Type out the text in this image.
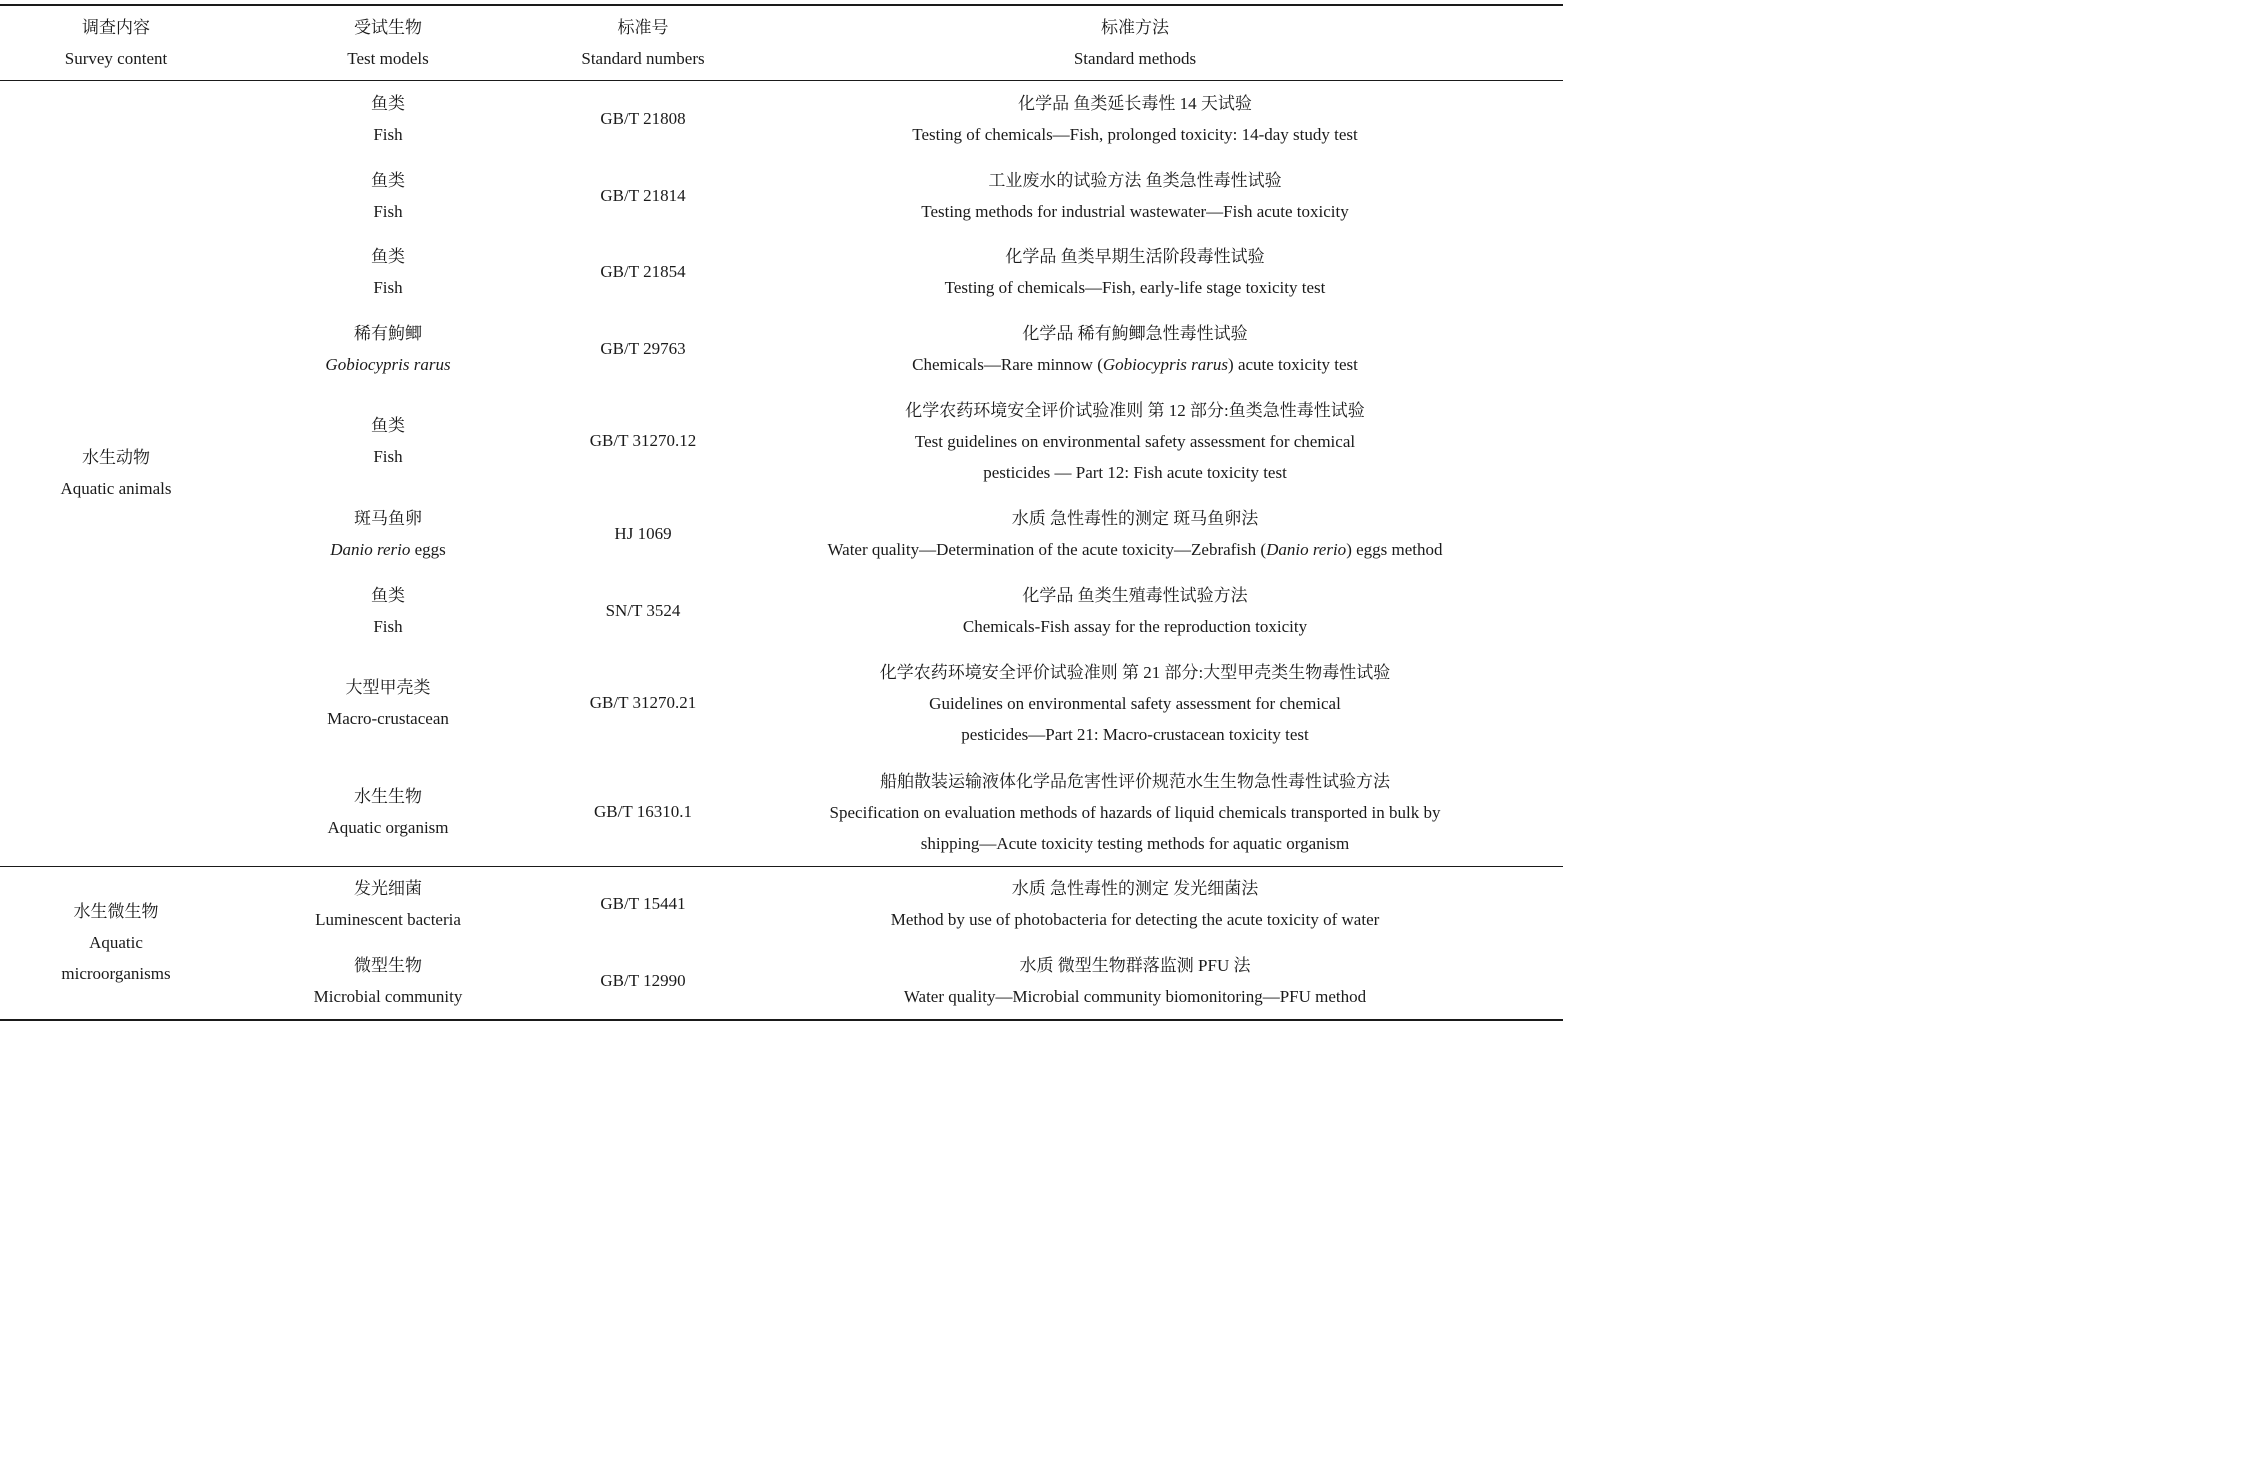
调查内容
Survey content
受试生物
Test models
标准号
Standard numbers
标准方法
Standard methods
水生动物
Aquatic animals
鱼类
Fish
GB/T 21808
化学品 鱼类延长毒性 14 天试验
Testing of chemicals—Fish, prolonged toxicity: 14-day study test
鱼类
Fish
GB/T 21814
工业废水的试验方法 鱼类急性毒性试验
Testing methods for industrial wastewater—Fish acute toxicity
鱼类
Fish
GB/T 21854
化学品 鱼类早期生活阶段毒性试验
Testing of chemicals—Fish, early-life stage toxicity test
稀有鮈鲫
Gobiocypris rarus
GB/T 29763
化学品 稀有鮈鲫急性毒性试验
Chemicals—Rare minnow (Gobiocypris rarus) acute toxicity test
鱼类
Fish
GB/T 31270.12
化学农药环境安全评价试验准则 第 12 部分:鱼类急性毒性试验
Test guidelines on environmental safety assessment for chemical
pesticides — Part 12: Fish acute toxicity test
斑马鱼卵
Danio rerio eggs
HJ 1069
水质 急性毒性的测定 斑马鱼卵法
Water quality—Determination of the acute toxicity—Zebrafish (Danio rerio) eggs method
鱼类
Fish
SN/T 3524
化学品 鱼类生殖毒性试验方法
Chemicals-Fish assay for the reproduction toxicity
大型甲壳类
Macro-crustacean
GB/T 31270.21
化学农药环境安全评价试验准则 第 21 部分:大型甲壳类生物毒性试验
Guidelines on environmental safety assessment for chemical
pesticides—Part 21: Macro-crustacean toxicity test
水生生物
Aquatic organism
GB/T 16310.1
船舶散装运输液体化学品危害性评价规范水生生物急性毒性试验方法
Specification on evaluation methods of hazards of liquid chemicals transported in bulk by
shipping—Acute toxicity testing methods for aquatic organism
水生微生物
Aquatic
microorganisms
发光细菌
Luminescent bacteria
GB/T 15441
水质 急性毒性的测定 发光细菌法
Method by use of photobacteria for detecting the acute toxicity of water
微型生物
Microbial community
GB/T 12990
水质 微型生物群落监测 PFU 法
Water quality—Microbial community biomonitoring—PFU method
